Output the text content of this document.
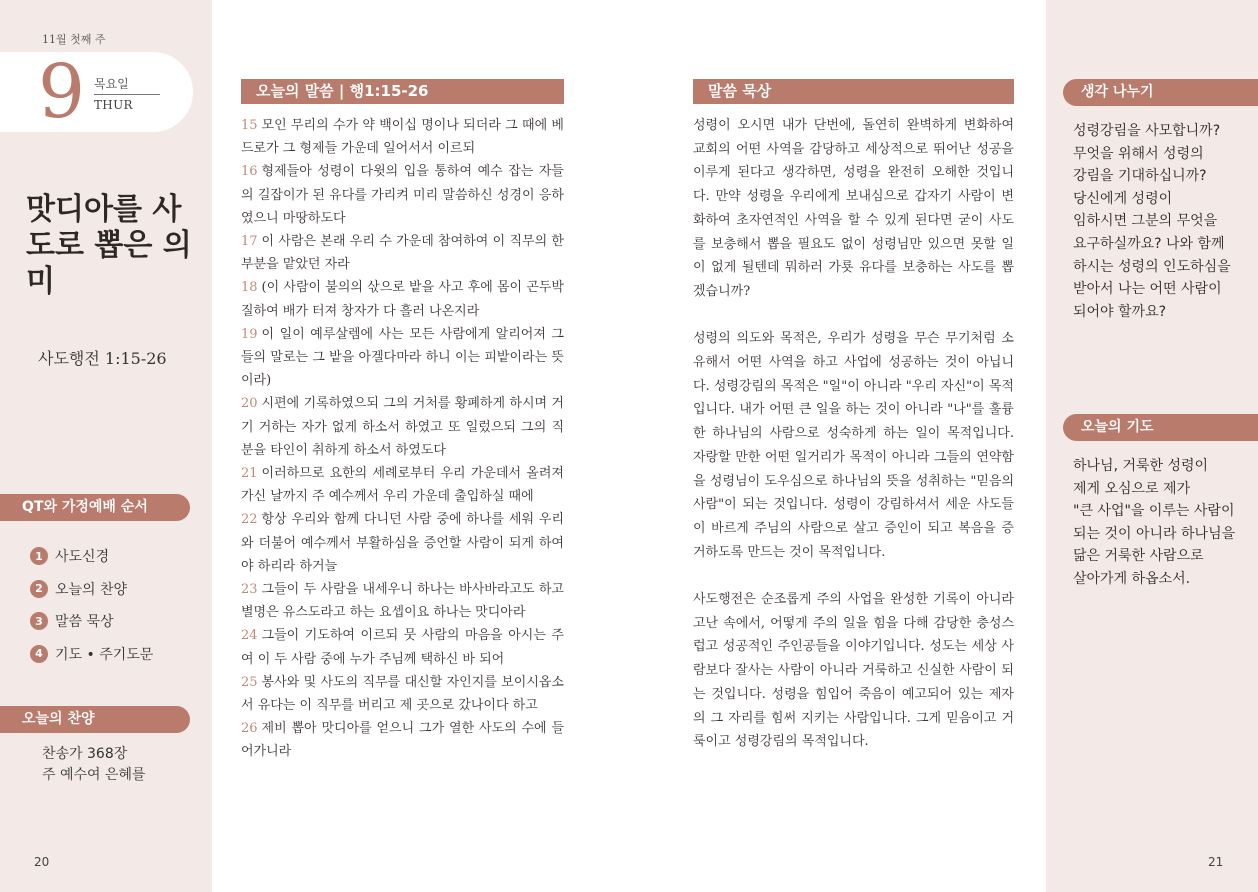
11월 첫째 주
9 목요일
THUR
맛디아를 사도로 뽑은 의미
사도행전 1:15-26
QT와 가정예배 순서
1 사도신경
2 오늘의 찬양
3 말씀 묵상
4 기도 • 주기도문
오늘의 찬양
찬송가 368장
주 예수여 은혜를
20
오늘의 말씀 | 행1:15-26
15 모인 무리의 수가 약 백이십 명이나 되더라 그 때에 베드로가 그 형제들 가운데 일어서서 이르되
16 형제들아 성령이 다윗의 입을 통하여 예수 잡는 자들의 길잡이가 된 유다를 가리켜 미리 말씀하신 성경이 응하였으니 마땅하도다
17 이 사람은 본래 우리 수 가운데 참여하여 이 직무의 한 부분을 맡았던 자라
18 (이 사람이 불의의 삯으로 밭을 사고 후에 몸이 곤두박질하여 배가 터져 창자가 다 흘러 나온지라
19 이 일이 예루살렘에 사는 모든 사람에게 알리어져 그들의 말로는 그 밭을 아겔다마라 하니 이는 피밭이라는 뜻이라)
20 시편에 기록하였으되 그의 거처를 황폐하게 하시며 거기 거하는 자가 없게 하소서 하였고 또 일렀으되 그의 직분을 타인이 취하게 하소서 하였도다
21 이러하므로 요한의 세례로부터 우리 가운데서 올려져 가신 날까지 주 예수께서 우리 가운데 출입하실 때에
22 항상 우리와 함께 다니던 사람 중에 하나를 세워 우리와 더불어 예수께서 부활하심을 증언할 사람이 되게 하여야 하리라 하거늘
23 그들이 두 사람을 내세우니 하나는 바사바라고도 하고 별명은 유스도라고 하는 요셉이요 하나는 맛디아라
24 그들이 기도하여 이르되 뭇 사람의 마음을 아시는 주여 이 두 사람 중에 누가 주님께 택하신 바 되어
25 봉사와 및 사도의 직무를 대신할 자인지를 보이시옵소서 유다는 이 직무를 버리고 제 곳으로 갔나이다 하고
26 제비 뽑아 맛디아를 얻으니 그가 열한 사도의 수에 들어가니라
말씀 묵상

성령이 오시면 내가 단번에, 돌연히 완벽하게 변화하여 교회의 어떤 사역을 감당하고 세상적으로 뛰어난 성공을 이루게 된다고 생각하면, 성령을 완전히 오해한 것입니다. 만약 성령을 우리에게 보내심으로 갑자기 사람이 변화하여 초자연적인 사역을 할 수 있게 된다면 굳이 사도를 보충해서 뽑을 필요도 없이 성령님만 있으면 못할 일이 없게 될텐데 뭐하러 가룟 유다를 보충하는 사도를 뽑겠습니까?

성령의 의도와 목적은, 우리가 성령을 무슨 무기처럼 소유해서 어떤 사역을 하고 사업에 성공하는 것이 아닙니다. 성령강림의 목적은 "일"이 아니라 "우리 자신"이 목적입니다. 내가 어떤 큰 일을 하는 것이 아니라 "나"를 훌륭한 하나님의 사람으로 성숙하게 하는 일이 목적입니다. 자랑할 만한 어떤 일거리가 목적이 아니라 그들의 연약함을 성령님이 도우심으로 하나님의 뜻을 성취하는 "믿음의 사람"이 되는 것입니다. 성령이 강림하셔서 세운 사도들이 바르게 주님의 사람으로 살고 증인이 되고 복음을 증거하도록 만드는 것이 목적입니다.

사도행전은 순조롭게 주의 사업을 완성한 기록이 아니라 고난 속에서, 어떻게 주의 일을 힘을 다해 감당한 충성스럽고 성공적인 주인공들을 이야기입니다. 성도는 세상 사람보다 잘사는 사람이 아니라 거룩하고 신실한 사람이 되는 것입니다. 성령을 힘입어 죽음이 예고되어 있는 제자의 그 자리를 힘써 지키는 사람입니다. 그게 믿음이고 거룩이고 성령강림의 목적입니다.

생각 나누기
성령강림을 사모합니까?
무엇을 위해서 성령의
강림을 기대하십니까?
당신에게 성령이
임하시면 그분의 무엇을
요구하실까요? 나와 함께
하시는 성령의 인도하심을
받아서 나는 어떤 사람이
되어야 할까요?
오늘의 기도
하나님, 거룩한 성령이
제게 오심으로 제가
"큰 사업"을 이루는 사람이
되는 것이 아니라 하나님을
닮은 거룩한 사람으로
살아가게 하옵소서.
21
